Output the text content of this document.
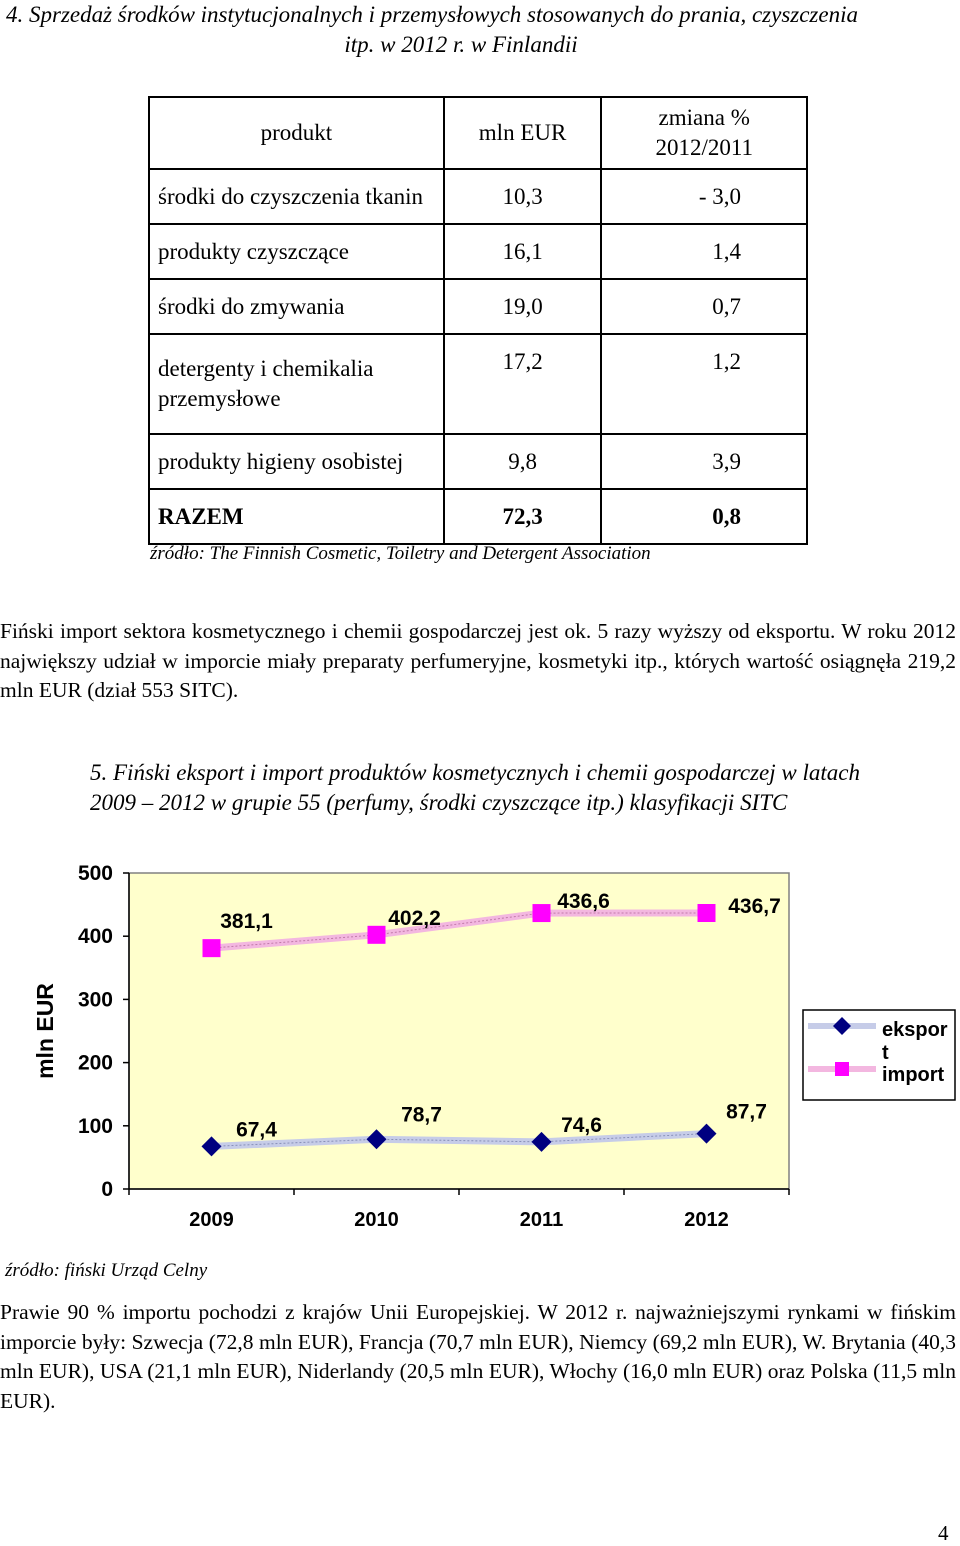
4. Sprzedaż środków instytucjonalnych i przemysłowych stosowanych do prania, czyszczenia
itp. w 2012 r. w Finlandii
produkt	mln EUR	zmiana %
2012/2011
środki do czyszczenia tkanin	10,3	- 3,0
produkty czyszczące	16,1	1,4
środki do zmywania	19,0	0,7
detergenty i chemikalia
przemysłowe	17,2	1,2
produkty higieny osobistej	9,8	3,9
RAZEM	72,3	0,8
źródło: The Finnish Cosmetic, Toiletry and Detergent Association
Fiński import sektora kosmetycznego i chemii gospodarczej jest ok. 5 razy wyższy od eksportu. W roku 2012 największy udział w imporcie miały preparaty perfumeryjne, kosmetyki itp., których wartość osiągnęła 219,2 mln EUR (dział 553 SITC).
5. Fiński eksport i import produktów kosmetycznych i chemii gospodarczej w latach
2009 – 2012 w grupie 55 (perfumy, środki czyszczące itp.) klasyfikacji SITC
0
100
200
300
400
500
2009	2010	2011	2012
mln EUR
67,4
78,7	74,6
87,7
381,1	402,2
436,6	436,7
ekspor
t
import
źródło: fiński Urząd Celny
Prawie 90 % importu pochodzi z krajów Unii Europejskiej. W 2012 r. najważniejszymi rynkami w fińskim imporcie były: Szwecja (72,8 mln EUR), Francja (70,7 mln EUR), Niemcy (69,2 mln EUR), W. Brytania (40,3 mln EUR), USA (21,1 mln EUR), Niderlandy (20,5 mln EUR), Włochy (16,0 mln EUR) oraz Polska (11,5 mln EUR).
4
